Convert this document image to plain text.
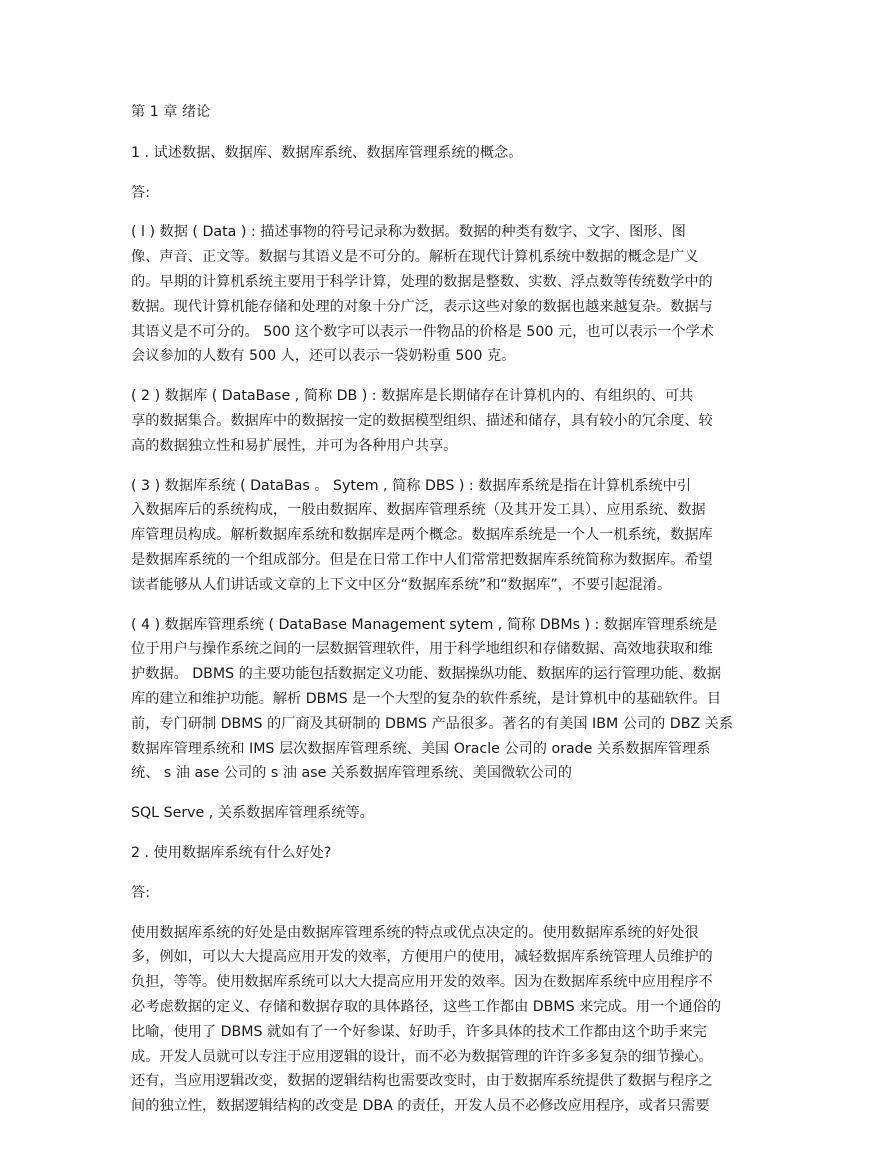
第 1 章 绪论

1 . 试述数据、数据库、数据库系统、数据库管理系统的概念。

答:

( l ) 数据 ( Data ) : 描述事物的符号记录称为数据。数据的种类有数字、文字、图形、图

像、声音、正文等。数据与其语义是不可分的。解析在现代计算机系统中数据的概念是广义

的。早期的计算机系统主要用于科学计算，处理的数据是整数、实数、浮点数等传统数学中的

数据。现代计算机能存储和处理的对象十分广泛，表示这些对象的数据也越来越复杂。数据与

其语义是不可分的。 500 这个数字可以表示一件物品的价格是 500 元，也可以表示一个学术

会议参加的人数有 500 人，还可以表示一袋奶粉重 500 克。

( 2 ) 数据库 ( DataBase , 简称 DB ) : 数据库是长期储存在计算机内的、有组织的、可共

享的数据集合。数据库中的数据按一定的数据模型组织、描述和储存，具有较小的冗余度、较

高的数据独立性和易扩展性，并可为各种用户共享。

( 3 ) 数据库系统 ( DataBas 。 Sytem , 简称 DBS ) : 数据库系统是指在计算机系统中引

入数据库后的系统构成，一般由数据库、数据库管理系统（及其开发工具）、应用系统、数据

库管理员构成。解析数据库系统和数据库是两个概念。数据库系统是一个人一机系统，数据库

是数据库系统的一个组成部分。但是在日常工作中人们常常把数据库系统简称为数据库。希望

读者能够从人们讲话或文章的上下文中区分“数据库系统”和“数据库”，不要引起混淆。

( 4 ) 数据库管理系统 ( DataBase Management sytem , 简称 DBMs ) : 数据库管理系统是

位于用户与操作系统之间的一层数据管理软件，用于科学地组织和存储数据、高效地获取和维

护数据。 DBMS 的主要功能包括数据定义功能、数据操纵功能、数据库的运行管理功能、数据

库的建立和维护功能。解析 DBMS 是一个大型的复杂的软件系统，是计算机中的基础软件。目

前，专门研制 DBMS 的厂商及其研制的 DBMS 产品很多。著名的有美国 IBM 公司的 DBZ 关系

数据库管理系统和 IMS 层次数据库管理系统、美国 Oracle 公司的 orade 关系数据库管理系

统、 s 油 ase 公司的 s 油 ase 关系数据库管理系统、美国微软公司的

SQL Serve , 关系数据库管理系统等。

2 . 使用数据库系统有什么好处?

答:

使用数据库系统的好处是由数据库管理系统的特点或优点决定的。使用数据库系统的好处很

多，例如，可以大大提高应用开发的效率，方便用户的使用，减轻数据库系统管理人员维护的

负担，等等。使用数据库系统可以大大提高应用开发的效率。因为在数据库系统中应用程序不

必考虑数据的定义、存储和数据存取的具体路径，这些工作都由 DBMS 来完成。用一个通俗的

比喻，使用了 DBMS 就如有了一个好参谋、好助手，许多具体的技术工作都由这个助手来完

成。开发人员就可以专注于应用逻辑的设计，而不必为数据管理的许许多多复杂的细节操心。

还有，当应用逻辑改变，数据的逻辑结构也需要改变时，由于数据库系统提供了数据与程序之

间的独立性，数据逻辑结构的改变是 DBA 的责任，开发人员不必修改应用程序，或者只需要
